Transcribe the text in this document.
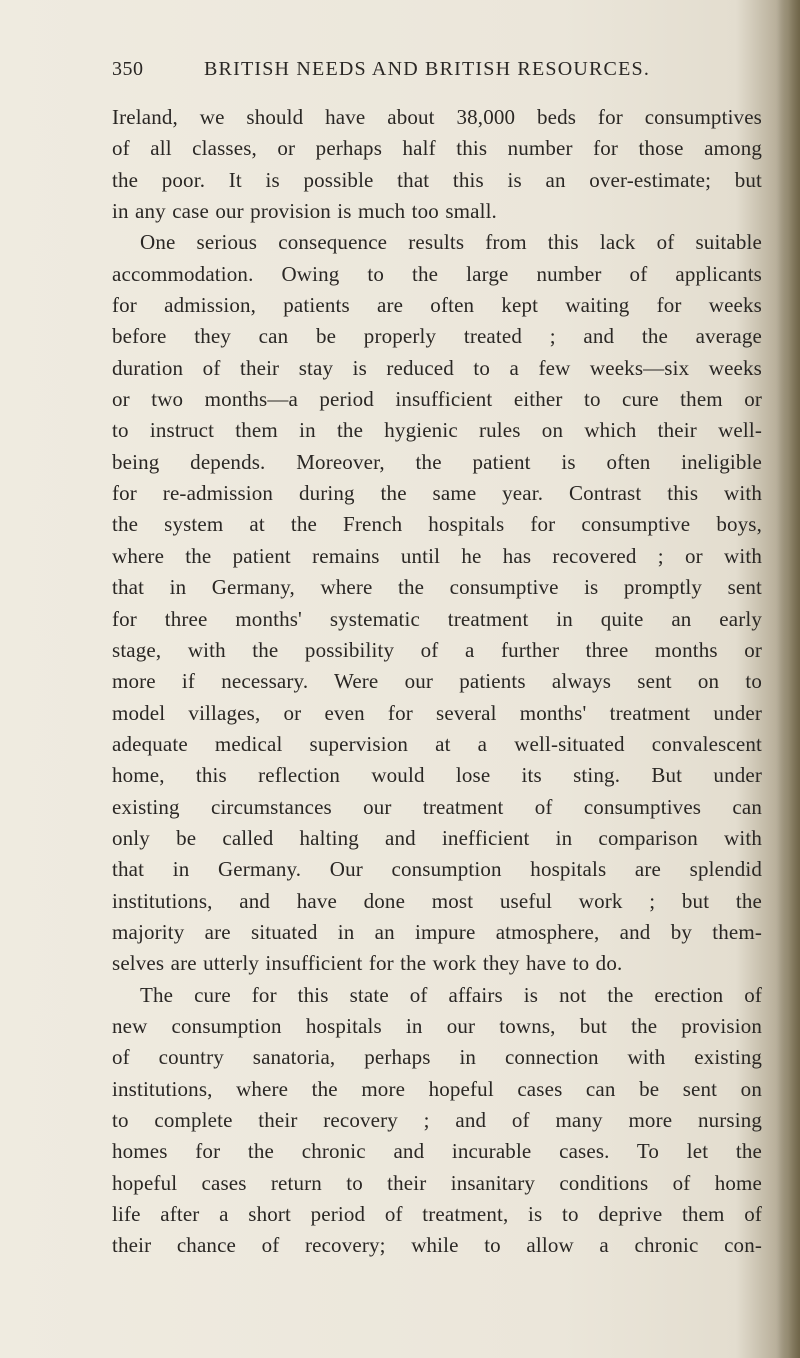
350	BRITISH NEEDS AND BRITISH RESOURCES.
Ireland, we should have about 38,000 beds for consumptives
of all classes, or perhaps half this number for those among
the poor. It is possible that this is an over-estimate; but
in any case our provision is much too small.
One serious consequence results from this lack of suitable
accommodation. Owing to the large number of applicants
for admission, patients are often kept waiting for weeks
before they can be properly treated ; and the average
duration of their stay is reduced to a few weeks—six weeks
or two months—a period insufficient either to cure them or
to instruct them in the hygienic rules on which their well-
being depends. Moreover, the patient is often ineligible
for re-admission during the same year. Contrast this with
the system at the French hospitals for consumptive boys,
where the patient remains until he has recovered ; or with
that in Germany, where the consumptive is promptly sent
for three months' systematic treatment in quite an early
stage, with the possibility of a further three months or
more if necessary. Were our patients always sent on to
model villages, or even for several months' treatment under
adequate medical supervision at a well-situated convalescent
home, this reflection would lose its sting. But under
existing circumstances our treatment of consumptives can
only be called halting and inefficient in comparison with
that in Germany. Our consumption hospitals are splendid
institutions, and have done most useful work ; but the
majority are situated in an impure atmosphere, and by them-
selves are utterly insufficient for the work they have to do.
The cure for this state of affairs is not the erection of
new consumption hospitals in our towns, but the provision
of country sanatoria, perhaps in connection with existing
institutions, where the more hopeful cases can be sent on
to complete their recovery ; and of many more nursing
homes for the chronic and incurable cases. To let the
hopeful cases return to their insanitary conditions of home
life after a short period of treatment, is to deprive them of
their chance of recovery; while to allow a chronic con-
